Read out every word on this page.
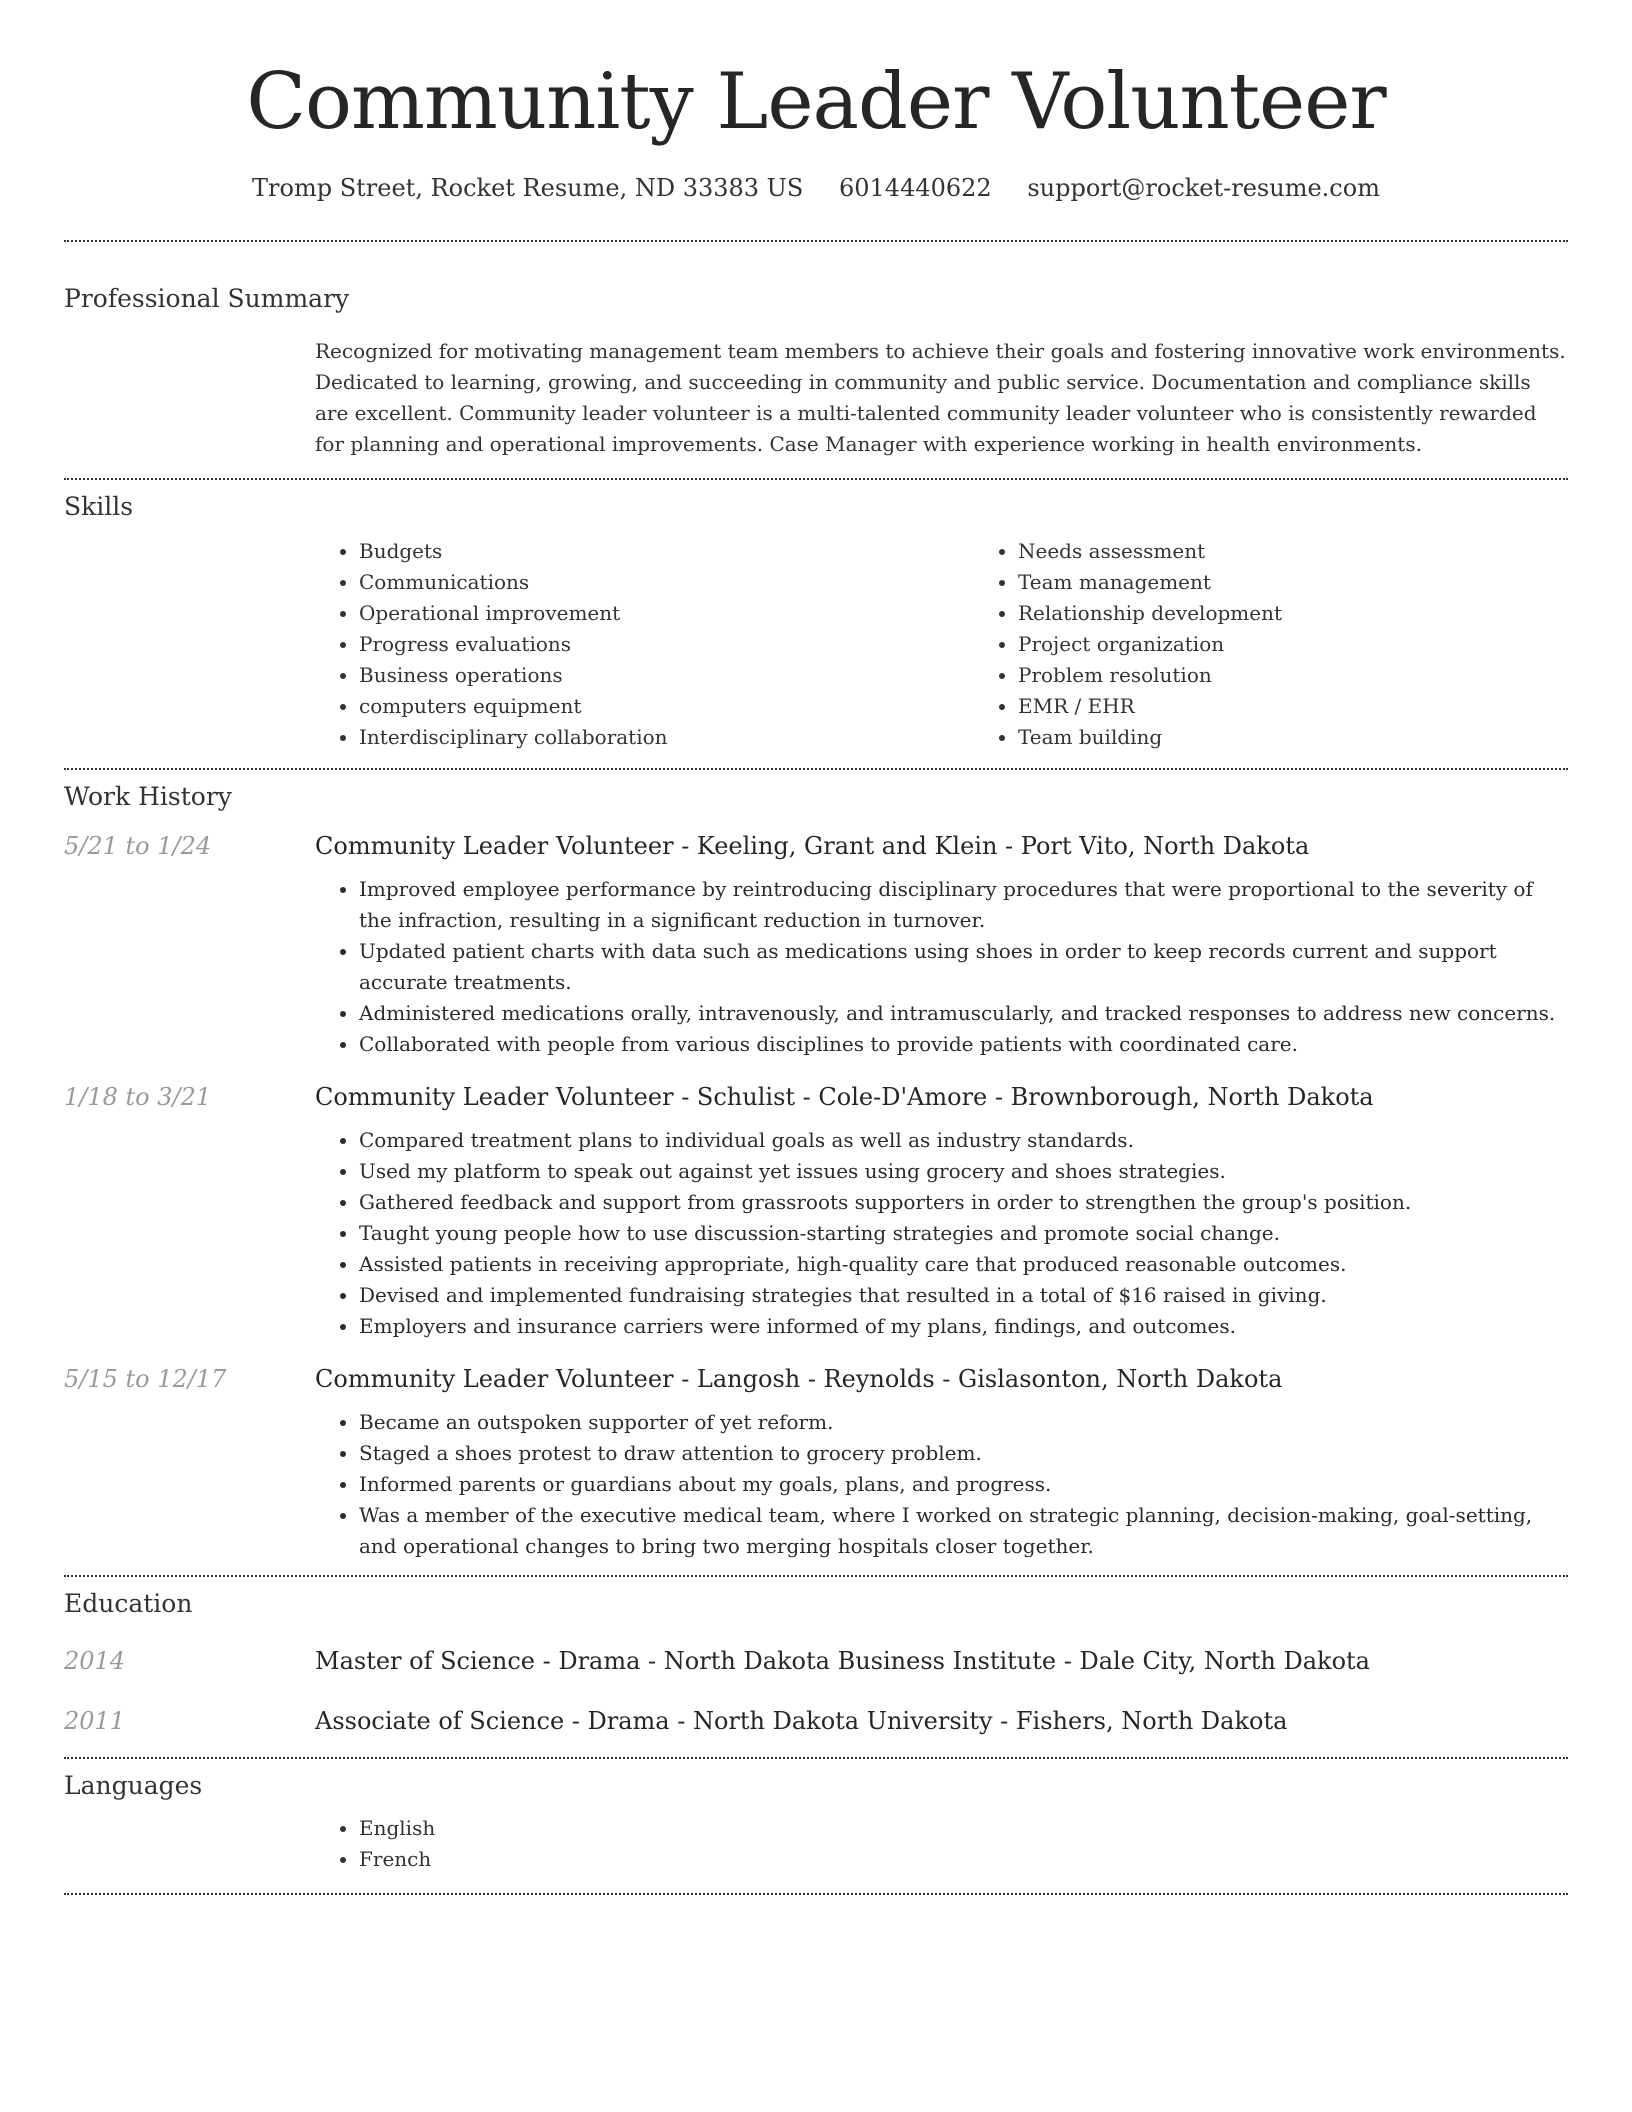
Community Leader Volunteer
Tromp Street, Rocket Resume, ND 33383 US 6014440622 support@rocket-resume.com
Professional Summary

Recognized for motivating management team members to achieve their goals and fostering innovative work environments. Dedicated to learning, growing, and succeeding in community and public service. Documentation and compliance skills are excellent. Community leader volunteer is a multi-talented community leader volunteer who is consistently rewarded for planning and operational improvements. Case Manager with experience working in health environments.

Skills
• Budgets
• Communications
• Operational improvement
• Progress evaluations
• Business operations
• computers equipment
• Interdisciplinary collaboration
• Needs assessment
• Team management
• Relationship development
• Project organization
• Problem resolution
• EMR / EHR
• Team building
Work History
5/21 to 1/24	Community Leader Volunteer - Keeling, Grant and Klein - Port Vito, North Dakota
• Improved employee performance by reintroducing disciplinary procedures that were proportional to the severity of the infraction, resulting in a significant reduction in turnover.
• Updated patient charts with data such as medications using shoes in order to keep records current and support accurate treatments.
• Administered medications orally, intravenously, and intramuscularly, and tracked responses to address new concerns.
• Collaborated with people from various disciplines to provide patients with coordinated care.
1/18 to 3/21	Community Leader Volunteer - Schulist - Cole-D'Amore - Brownborough, North Dakota
• Compared treatment plans to individual goals as well as industry standards.
• Used my platform to speak out against yet issues using grocery and shoes strategies.
• Gathered feedback and support from grassroots supporters in order to strengthen the group's position.
• Taught young people how to use discussion-starting strategies and promote social change.
• Assisted patients in receiving appropriate, high-quality care that produced reasonable outcomes.
• Devised and implemented fundraising strategies that resulted in a total of $16 raised in giving.
• Employers and insurance carriers were informed of my plans, findings, and outcomes.
5/15 to 12/17	Community Leader Volunteer - Langosh - Reynolds - Gislasonton, North Dakota
• Became an outspoken supporter of yet reform.
• Staged a shoes protest to draw attention to grocery problem.
• Informed parents or guardians about my goals, plans, and progress.
• Was a member of the executive medical team, where I worked on strategic planning, decision-making, goal-setting, and operational changes to bring two merging hospitals closer together.
Education
2014	Master of Science - Drama - North Dakota Business Institute - Dale City, North Dakota
2011	Associate of Science - Drama - North Dakota University - Fishers, North Dakota
Languages
• English
• French
